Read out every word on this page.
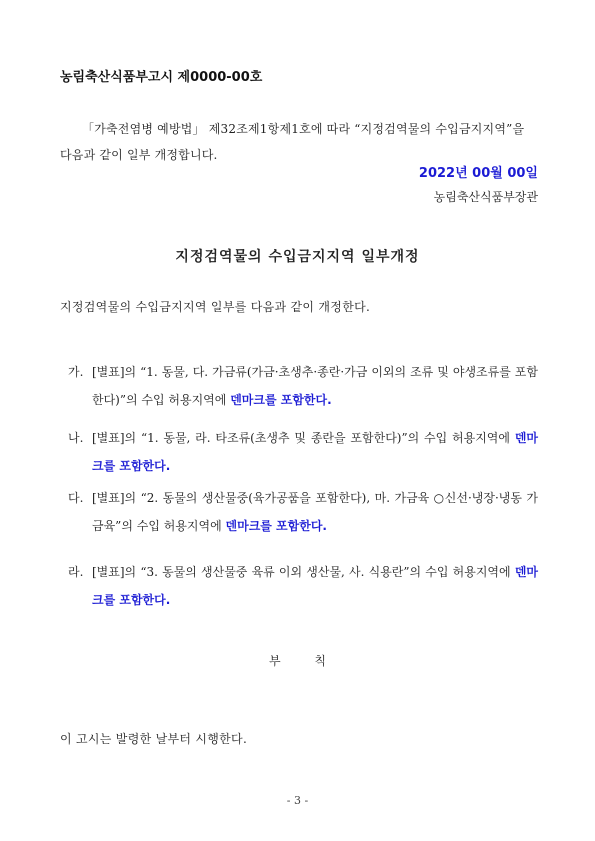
농림축산식품부고시 제0000-00호
「가축전염병 예방법」 제32조제1항제1호에 따라 “지정검역물의 수입금지지역”을 다음과 같이 일부 개정합니다.
2022년 00월 00일
농림축산식품부장관
지정검역물의 수입금지지역 일부개정
지정검역물의 수입금지지역 일부를 다음과 같이 개정한다.
가. [별표]의 “1. 동물, 다. 가금류(가금·초생추·종란·가금 이외의 조류 및 야생조류를 포함한다)”의 수입 허용지역에 덴마크를 포함한다.
나. [별표]의 “1. 동물, 라. 타조류(초생추 및 종란을 포함한다)”의 수입 허용지역에 덴마크를 포함한다.
다. [별표]의 “2. 동물의 생산물중(육가공품을 포함한다), 마. 가금육 ○신선·냉장·냉동 가금육”의 수입 허용지역에 덴마크를 포함한다.
라. [별표]의 “3. 동물의 생산물중 육류 이외 생산물, 사. 식용란”의 수입 허용지역에 덴마크를 포함한다.
부 칙
이 고시는 발령한 날부터 시행한다.
- 3 -
